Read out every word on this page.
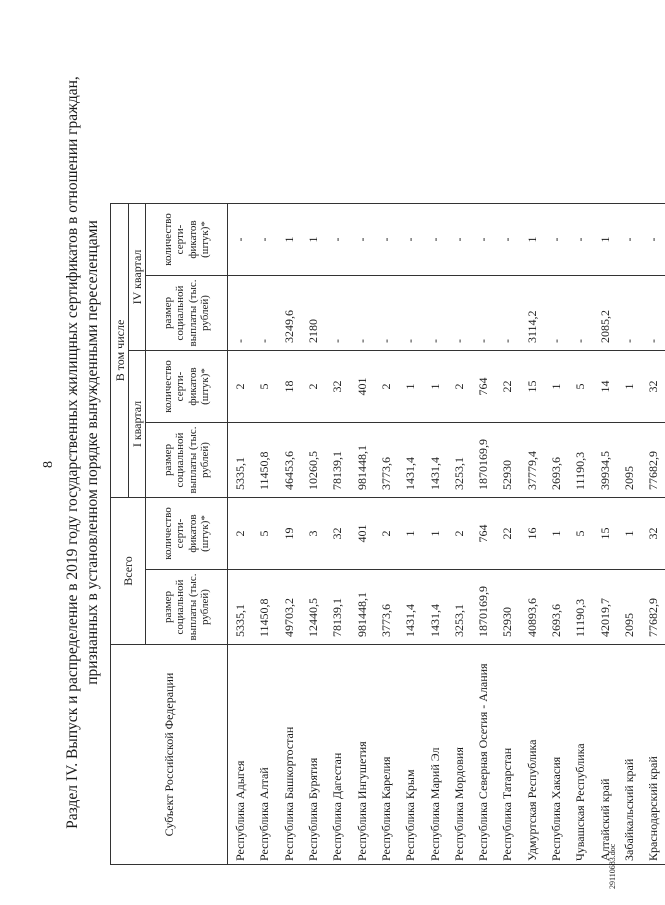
8 Раздел IV. Выпуск и распределение в 2019 году государственных жилищных сертификатов в отношении граждан, признанных в установленном порядке вынужденными переселенцами
Субъект Российской Федерации	Всего		В том числе			
			I квартал		IV квартал	
	размер социальной выплаты (тыс. рублей)	количество серти-фикатов (штук)*	размер социальной выплаты (тыс. рублей)	количество серти-фикатов (штук)*	размер социальной выплаты (тыс. рублей)	количество серти-фикатов (штук)*
Республика Адыгея	5335,1	2	5335,1	2	-	-
Республика Алтай	11450,8	5	11450,8	5	-	-
Республика Башкортостан	49703,2	19	46453,6	18	3249,6	1
Республика Бурятия	12440,5	3	10260,5	2	2180	1
Республика Дагестан	78139,1	32	78139,1	32	-	-
Республика Ингушетия	981448,1	401	981448,1	401	-	-
Республика Карелия	3773,6	2	3773,6	2	-	-
Республика Крым	1431,4	1	1431,4	1	-	-
Республика Марий Эл	1431,4	1	1431,4	1	-	-
Республика Мордовия	3253,1	2	3253,1	2	-	-
Республика Северная Осетия - Алания	1870169,9	764	1870169,9	764	-	-
Республика Татарстан	52930	22	52930	22	-	-
Удмуртская Республика	40893,6	16	37779,4	15	3114,2	1
Республика Хакасия	2693,6	1	2693,6	1	-	-
Чувашская Республика	11190,3	5	11190,3	5	-	-
Алтайский край	42019,7	15	39934,5	14	2085,2	1
Забайкальский край	2095	1	2095	1	-	-
Краснодарский край	77682,9	32	77682,9	32	-	-
29110683.doc
